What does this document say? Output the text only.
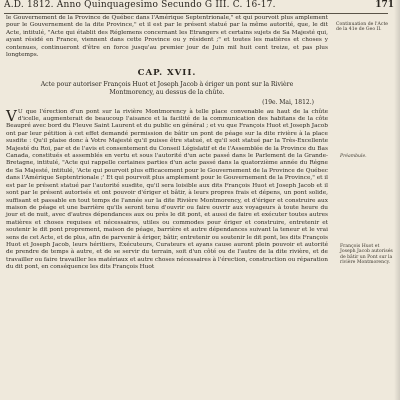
A.D. 1812. Anno Quinquagesimo Secundo G III. C. 16-17.	171

le Gouvernement de la Province de Québec dans l'Amérique Septentrionale," et qui pourvoit plus amplement pour le Gouvernement de la dite Province," et il est par le présent statué par la même autorité, que, le dit Acte, intitulé, "Acte qui établit des Réglemens concernant les Etrangers et certains sujets de Sa Majesté qui, ayant résidé en France, viennent dans cette Province ou y résident ;" et toutes les matières et choses y contenues, continueront d'être en force jusqu'au premier jour de Juin mil huit cent treize, et pas plus longtemps.

CAP. XVII.
Acte pour autoriser François Huot et Joseph Jacob à ériger un pont sur la Rivière Montmorency, au dessus de la chûte.
(19e. Mai, 1812.)

V U que l'érection d'un pont sur la rivière Montmorency à telle place convenable au haut de la chûte d'icelle, augmenterait de beaucoup l'aisance et la facilité de la communication des habitans de la côte Beaupré avec bord du Fleuve Saint Laurent et du public en général ; et vu que François Huot et Joseph Jacob ont par leur pétition à cet effet demandé permission de bâtir un pont de péage sur la dite rivière à la place susdite : Qu'il plaise donc à Votre Majesté qu'il puisse être statué, et qu'il soit statué par la Très-Excellente Majesté du Roi, par et de l'avis et consentement du Conseil Législatif et de l'Assemblée de la Province du Bas Canada, constitués et assemblés en vertu et sous l'autorité d'un acte passé dans le Parlement de la Grande-Bretagne, intitulé, "Acte qui rappelle certaines parties d'un acte passé dans la quatorzième année du Régne de Sa Majesté, intitulé, 'Acte qui pourvoit plus efficacement pour le Gouvernement de la Province de Québec dans l'Amérique Septentrionale ;' Et qui pourvoit plus amplement pour le Gouvernement de la Province," et il est par le présent statué par l'autorité susdite, qu'il sera loisible aux dits François Huot et Joseph Jacob et il sont par le présent autorisés et ont pouvoir d'ériger et bâtir, à leurs propres frais et dépens, un pont solide, suffisant et passable en tout temps de l'année sur la dite Rivière Montmorency, et d'ériger et construire aux maison de péage et une barrière qu'ils seront tenu d'ouvrir ou faire ouvrir aux voyageurs à toute heure du jour et de nuit, avec d'autres dépendances aux ou près le dit pont, et aussi de faire et exécuter toutes autres matières et choses requises et nécessaires, utiles ou commodes pour ériger et construire, entretenir et soutenir le dit pont proprement, maison de péage, barrière et autre dépendances suivant la teneur et le vrai sens de cet Acte, et de plus, afin de parvenir à ériger, bâtir, entretenir ou soutenir le dit pont, les dits François Huot et Joseph Jacob, leurs héritiers, Exécuteurs, Curateurs et ayans cause auront plein pouvoir et autorité de prendre de temps à autre, et de se servir du terrain, soit d'un côté ou de l'autre de la dite rivière, et de travailler ou faire travailler les matériaux et autre choses nécessaires à l'érection, construction ou réparation du dit pont, en conséquence les dits François Huot

Continuation de l'Acte de la 41e de Geo II.
Préambule.
François Huot et Joseph Jacob autorisés de bâtir un Pont sur la rivière Montmorency.
